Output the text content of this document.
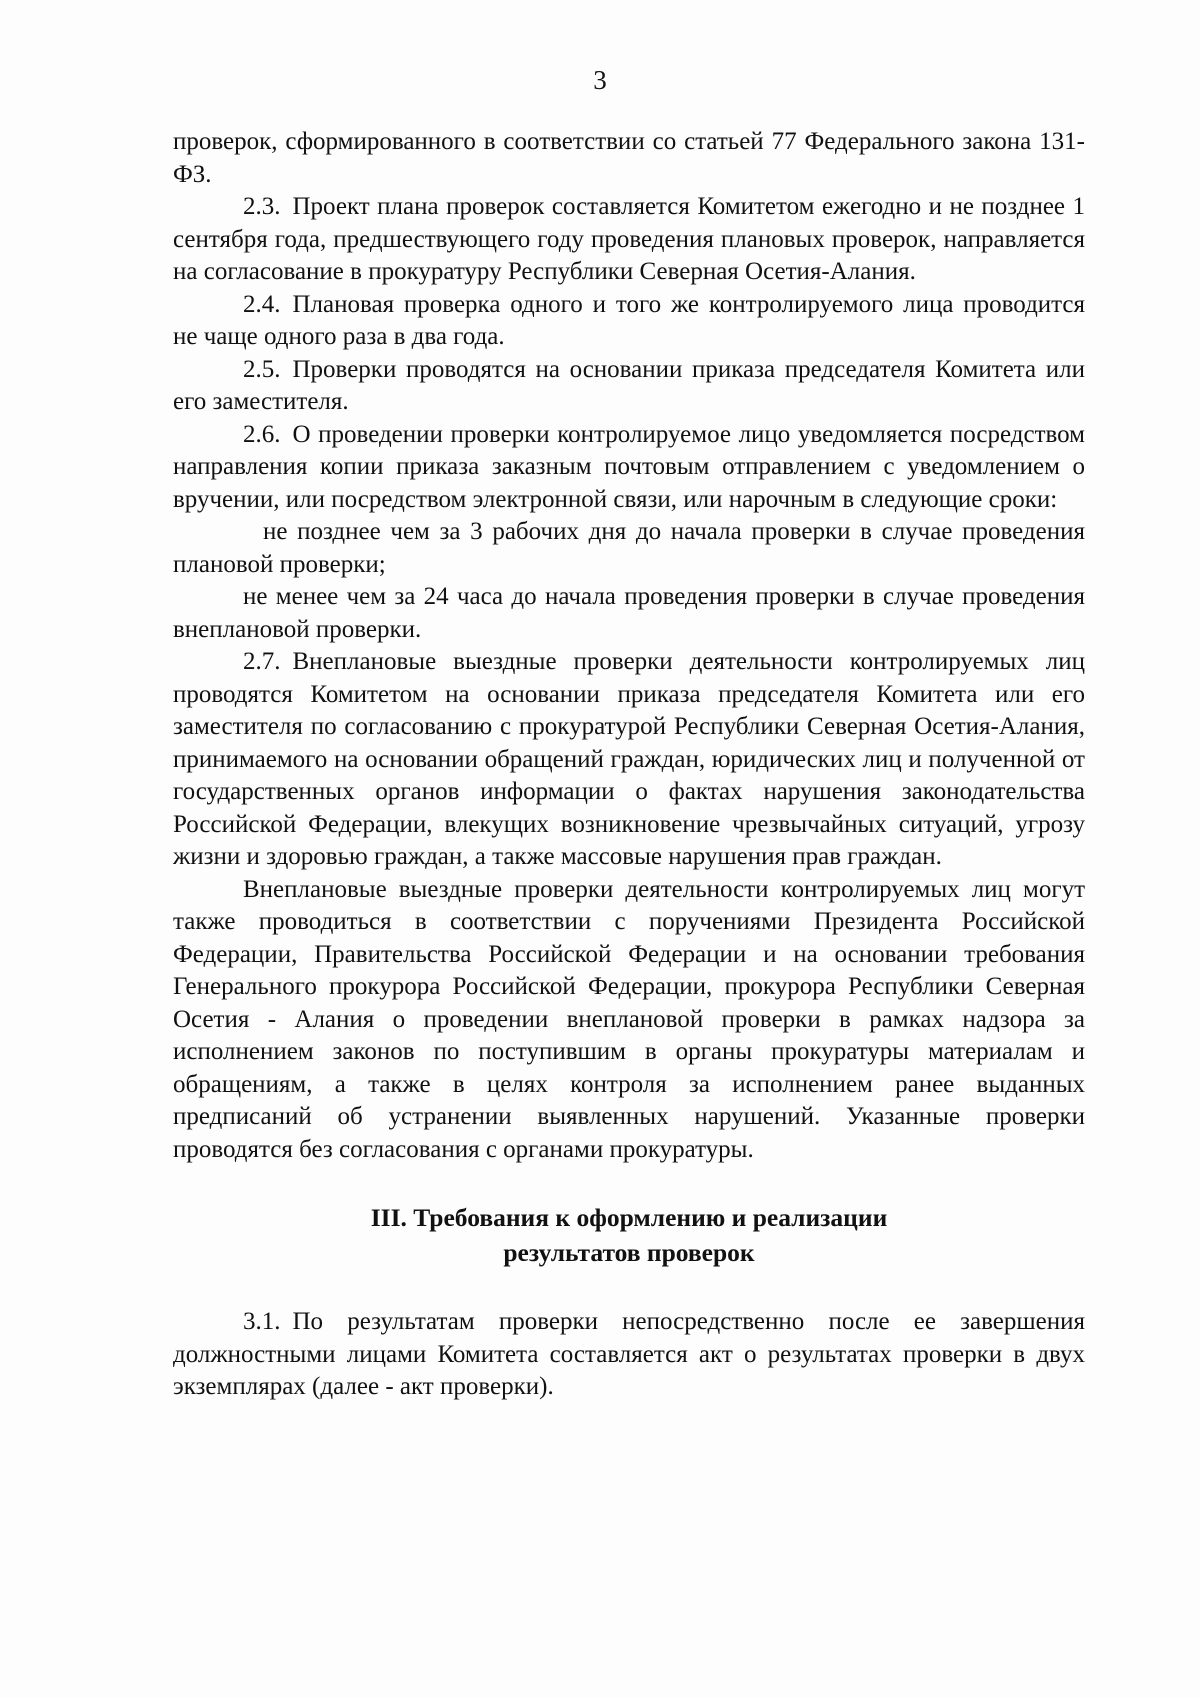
3

проверок, сформированного в соответствии со статьей 77 Федерального закона 131-ФЗ.

2.3. Проект плана проверок составляется Комитетом ежегодно и не позднее 1 сентября года, предшествующего году проведения плановых проверок, направляется на согласование в прокуратуру Республики Северная Осетия-Алания.

2.4. Плановая проверка одного и того же контролируемого лица проводится не чаще одного раза в два года.

2.5. Проверки проводятся на основании приказа председателя Комитета или его заместителя.

2.6. О проведении проверки контролируемое лицо уведомляется посредством направления копии приказа заказным почтовым отправлением с уведомлением о вручении, или посредством электронной связи, или нарочным в следующие сроки:

не позднее чем за 3 рабочих дня до начала проверки в случае проведения плановой проверки;

не менее чем за 24 часа до начала проведения проверки в случае проведения внеплановой проверки.

2.7. Внеплановые выездные проверки деятельности контролируемых лиц проводятся Комитетом на основании приказа председателя Комитета или его заместителя по согласованию с прокуратурой Республики Северная Осетия-Алания, принимаемого на основании обращений граждан, юридических лиц и полученной от государственных органов информации о фактах нарушения законодательства Российской Федерации, влекущих возникновение чрезвычайных ситуаций, угрозу жизни и здоровью граждан, а также массовые нарушения прав граждан.

Внеплановые выездные проверки деятельности контролируемых лиц могут также проводиться в соответствии с поручениями Президента Российской Федерации, Правительства Российской Федерации и на основании требования Генерального прокурора Российской Федерации, прокурора Республики Северная Осетия - Алания о проведении внеплановой проверки в рамках надзора за исполнением законов по поступившим в органы прокуратуры материалам и обращениям, а также в целях контроля за исполнением ранее выданных предписаний об устранении выявленных нарушений. Указанные проверки проводятся без согласования с органами прокуратуры.

III. Требования к оформлению и реализации
результатов проверок

3.1. По результатам проверки непосредственно после ее завершения должностными лицами Комитета составляется акт о результатах проверки в двух экземплярах (далее - акт проверки).
